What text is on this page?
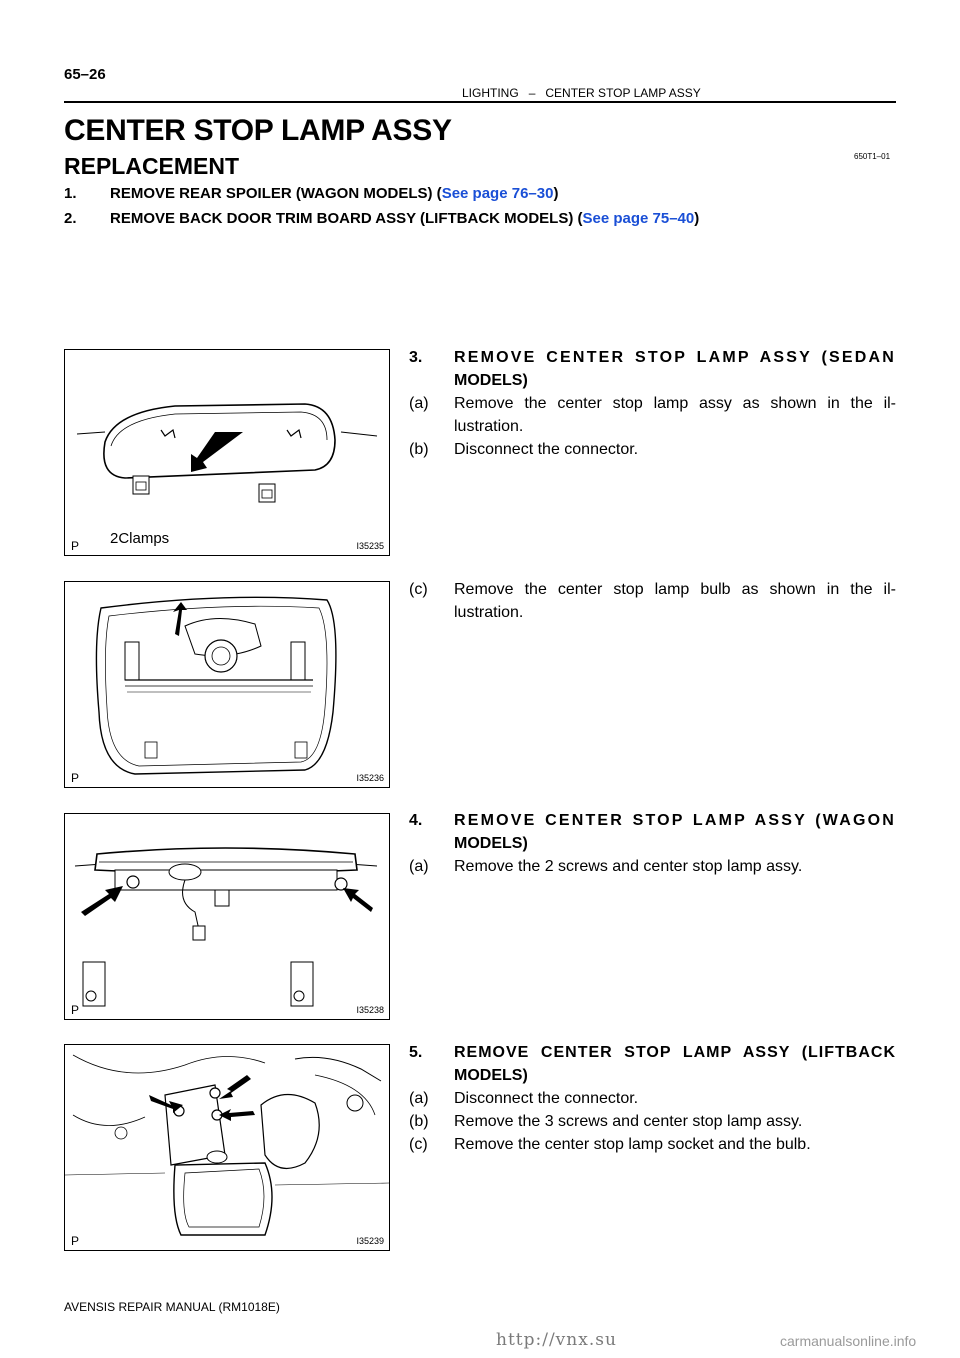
65–26
LIGHTING – CENTER STOP LAMP ASSY
CENTER STOP LAMP ASSY
REPLACEMENT	650T1–01
1. REMOVE REAR SPOILER (WAGON MODELS) (See page 76–30)
2. REMOVE BACK DOOR TRIM BOARD ASSY (LIFTBACK MODELS) (See page 75–40)
2Clamps
P	I35235
P	I35236
P	I35238
P	I35239
3. REMOVE CENTER STOP LAMP ASSY (SEDAN
MODELS)
(a) Remove the center stop lamp assy as shown in the il-
lustration.
(b) Disconnect the connector.
(c) Remove the center stop lamp bulb as shown in the il-
lustration.
4. REMOVE CENTER STOP LAMP ASSY (WAGON
MODELS)
(a) Remove the 2 screws and center stop lamp assy.
5. REMOVE CENTER STOP LAMP ASSY (LIFTBACK
MODELS)
(a) Disconnect the connector.
(b) Remove the 3 screws and center stop lamp assy.
(c) Remove the center stop lamp socket and the bulb.
AVENSIS REPAIR MANUAL (RM1018E)
http://vnx.su	carmanualsonline.info
